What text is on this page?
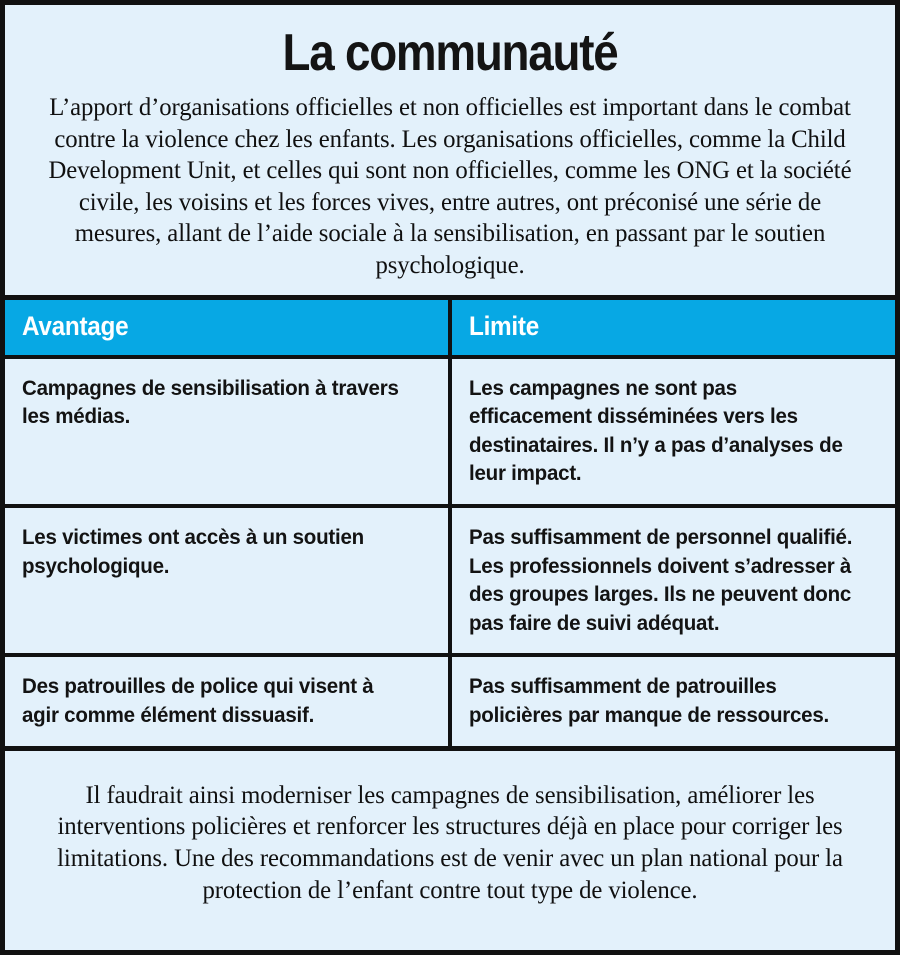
La communauté

L’apport d’organisations officielles et non officielles est important dans le combat contre la violence chez les enfants. Les organisations officielles, comme la Child Development Unit, et celles qui sont non officielles, comme les ONG et la société civile, les voisins et les forces vives, entre autres, ont préconisé une série de mesures, allant de l’aide sociale à la sensibilisation, en passant par le soutien psychologique.

Avantage	Limite

Campagnes de sensibilisation à travers les médias.	Les campagnes ne sont pas efficacement disséminées vers les destinataires. Il n’y a pas d’analyses de leur impact.

Les victimes ont accès à un soutien psychologique.	Pas suffisamment de personnel qualifié. Les professionnels doivent s’adresser à des groupes larges. Ils ne peuvent donc pas faire de suivi adéquat.

Des patrouilles de police qui visent à agir comme élément dissuasif.	Pas suffisamment de patrouilles policières par manque de ressources.

Il faudrait ainsi moderniser les campagnes de sensibilisation, améliorer les interventions policières et renforcer les structures déjà en place pour corriger les limitations. Une des recommandations est de venir avec un plan national pour la protection de l’enfant contre tout type de violence.
